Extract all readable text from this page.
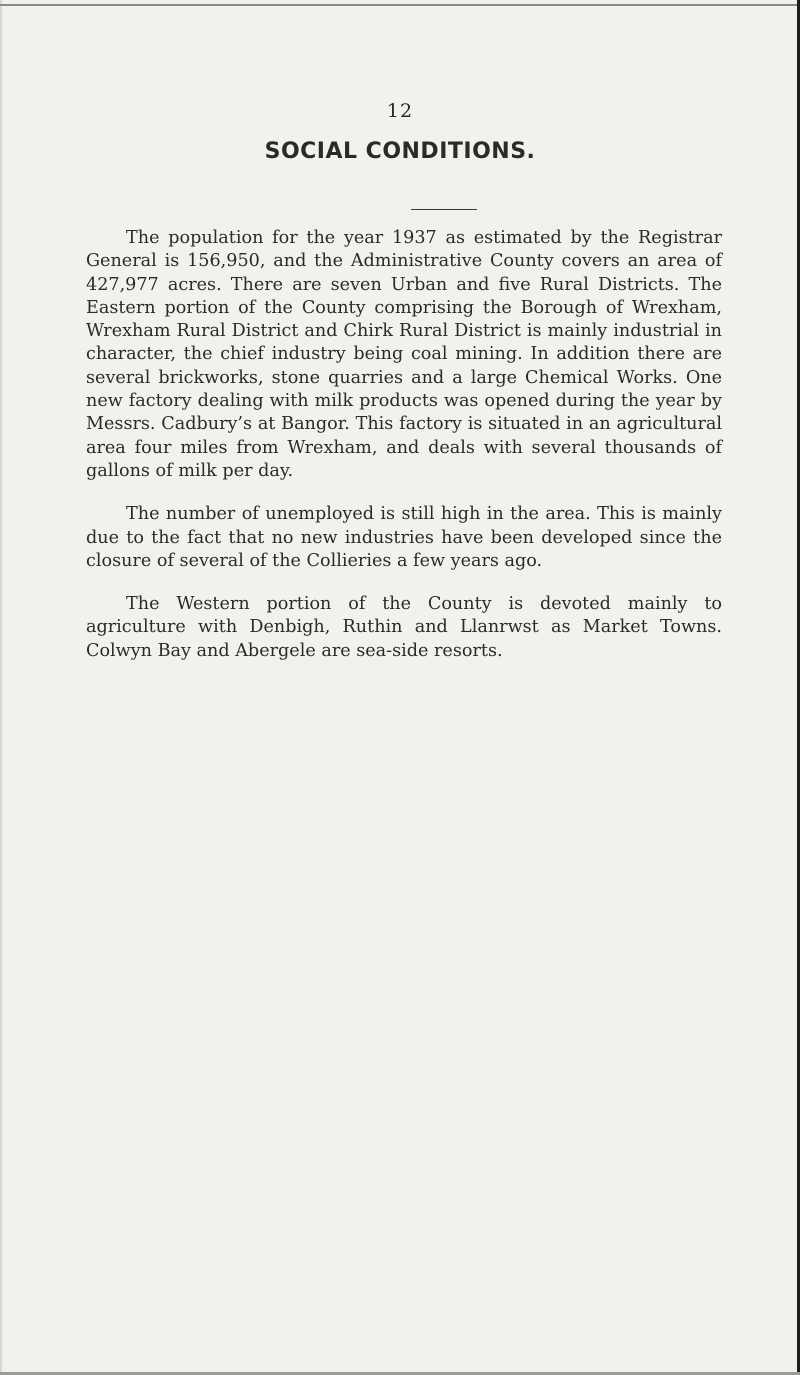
12
SOCIAL CONDITIONS.

The population for the year 1937 as estimated by the Registrar General is 156,950, and the Administrative County covers an area of 427,977 acres. There are seven Urban and five Rural Districts. The Eastern portion of the County comprising the Borough of Wrexham, Wrexham Rural District and Chirk Rural District is mainly industrial in character, the chief industry being coal mining. In addition there are several brickworks, stone quarries and a large Chemical Works. One new factory dealing with milk products was opened during the year by Messrs. Cadbury’s at Bangor. This factory is situated in an agricultural area four miles from Wrexham, and deals with several thousands of gallons of milk per day.

The number of unemployed is still high in the area. This is mainly due to the fact that no new industries have been developed since the closure of several of the Collieries a few years ago.

The Western portion of the County is devoted mainly to agriculture with Denbigh, Ruthin and Llanrwst as Market Towns. Colwyn Bay and Abergele are sea-side resorts.
